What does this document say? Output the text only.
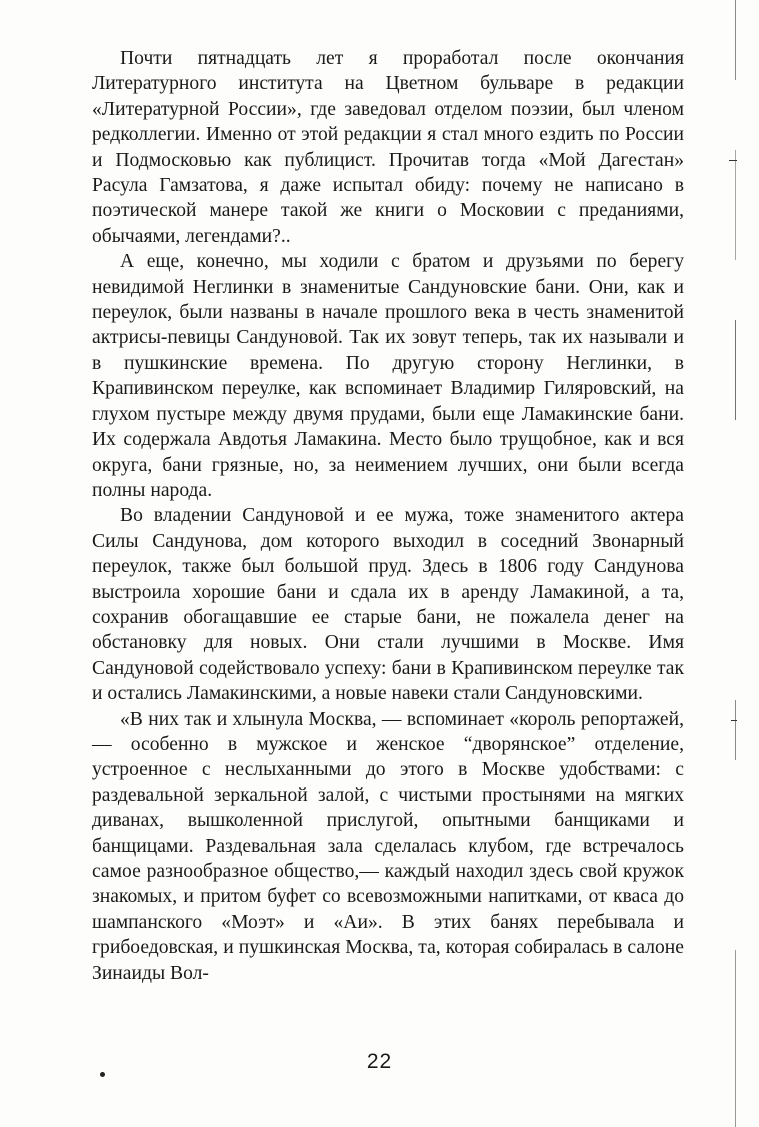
Почти пятнадцать лет я проработал после окончания Литературного института на Цветном бульваре в редакции «Литературной России», где заведовал отделом поэзии, был членом редколлегии. Именно от этой редакции я стал много ездить по России и Подмосковью как публицист. Прочитав тогда «Мой Дагестан» Расула Гамзатова, я даже испытал обиду: почему не написано в поэтической манере такой же книги о Московии с преданиями, обычаями, легендами?..

А еще, конечно, мы ходили с братом и друзьями по берегу невидимой Неглинки в знаменитые Сандуновские бани. Они, как и переулок, были названы в начале прошлого века в честь знаменитой актрисы-певицы Сандуновой. Так их зовут теперь, так их называли и в пушкинские времена. По другую сторону Неглинки, в Крапивинском переулке, как вспоминает Владимир Гиляровский, на глухом пустыре между двумя прудами, были еще Ламакинские бани. Их содержала Авдотья Ламакина. Место было трущобное, как и вся округа, бани грязные, но, за неимением лучших, они были всегда полны народа.

Во владении Сандуновой и ее мужа, тоже знаменитого актера Силы Сандунова, дом которого выходил в соседний Звонарный переулок, также был большой пруд. Здесь в 1806 году Сандунова выстроила хорошие бани и сдала их в аренду Ламакиной, а та, сохранив обогащавшие ее старые бани, не пожалела денег на обстановку для новых. Они стали лучшими в Москве. Имя Сандуновой содействовало успеху: бани в Крапивинском переулке так и остались Ламакинскими, а новые навеки стали Сандуновскими.

«В них так и хлынула Москва, — вспоминает «король репортажей, — особенно в мужское и женское “дворянское” отделение, устроенное с неслыханными до этого в Москве удобствами: с раздевальной зеркальной залой, с чистыми простынями на мягких диванах, вышколенной прислугой, опытными банщиками и банщицами. Раздевальная зала сделалась клубом, где встречалось самое разнообразное общество,— каждый находил здесь свой кружок знакомых, и притом буфет со всевозможными напитками, от кваса до шампанского «Моэт» и «Аи». В этих банях перебывала и грибоедовская, и пушкинская Москва, та, которая собиралась в салоне Зинаиды Вол-

22
